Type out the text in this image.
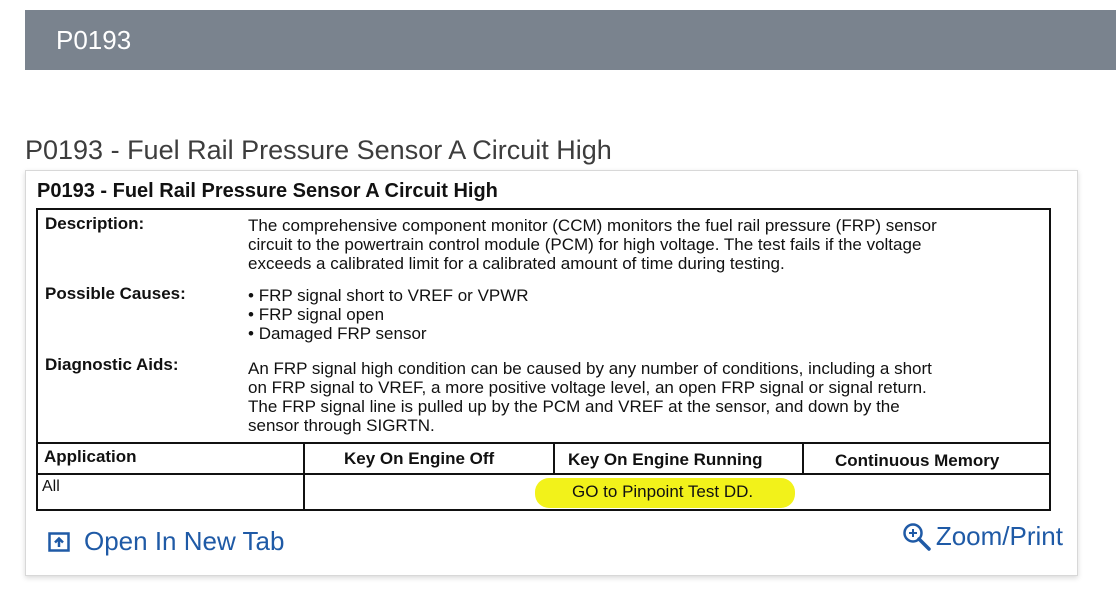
P0193
P0193 - Fuel Rail Pressure Sensor A Circuit High
P0193 - Fuel Rail Pressure Sensor A Circuit High
Description:	The comprehensive component monitor (CCM) monitors the fuel rail pressure (FRP) sensor
circuit to the powertrain control module (PCM) for high voltage. The test fails if the voltage
exceeds a calibrated limit for a calibrated amount of time during testing.
Possible Causes:
•	FRP signal short to VREF or VPWR
• FRP signal open
• Damaged FRP sensor
Diagnostic Aids:	An FRP signal high condition can be caused by any number of conditions, including a short
on FRP signal to VREF, a more positive voltage level, an open FRP signal or signal return.
The FRP signal line is pulled up by the PCM and VREF at the sensor, and down by the
sensor through SIGRTN.
Application	Key On Engine Off	Key On Engine Running	Continuous Memory
All	GO to Pinpoint Test DD.
Open In New Tab	Zoom/Print
